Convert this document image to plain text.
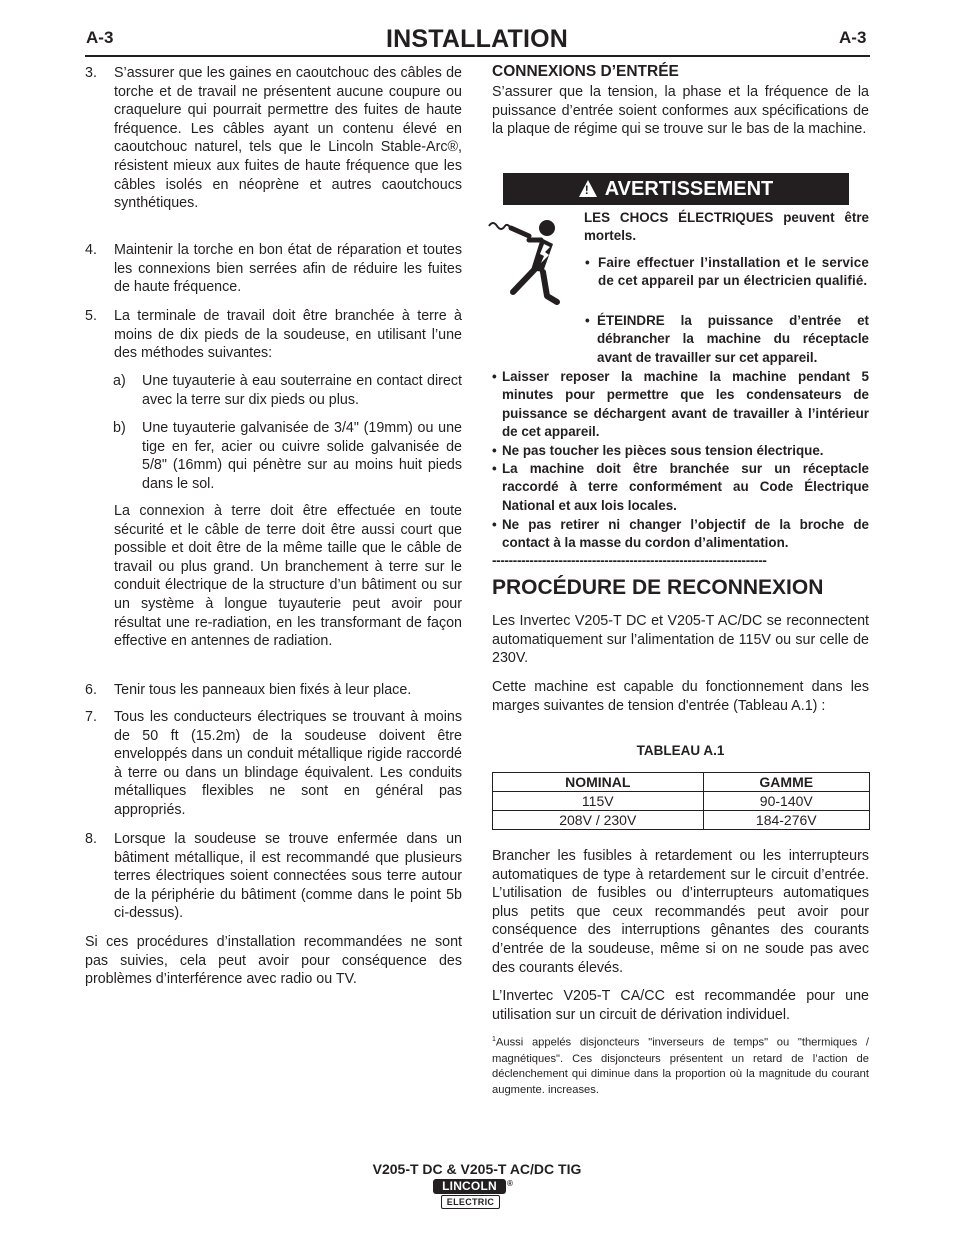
A-3	INSTALLATION	A-3
3.	S’assurer que les gaines en caoutchouc des câbles de torche et de travail ne présentent aucune coupure ou craquelure qui pourrait permettre des fuites de haute fréquence. Les câbles ayant un contenu élevé en caoutchouc naturel, tels que le Lincoln Stable-Arc®, résistent mieux aux fuites de haute fréquence que les câbles isolés en néoprène et autres caoutchoucs synthétiques.

4.	Maintenir la torche en bon état de réparation et toutes les connexions bien serrées afin de réduire les fuites de haute fréquence.

5.	La terminale de travail doit être branchée à terre à moins de dix pieds de la soudeuse, en utilisant l’une des méthodes suivantes:

a)	Une tuyauterie à eau souterraine en contact direct avec la terre sur dix pieds ou plus.

b)	Une tuyauterie galvanisée de 3/4" (19mm) ou une tige en fer, acier ou cuivre solide galvanisée de 5/8" (16mm) qui pénètre sur au moins huit pieds dans le sol.

La connexion à terre doit être effectuée en toute sécurité et le câble de terre doit être aussi court que possible et doit être de la même taille que le câble de travail ou plus grand. Un branchement à terre sur le conduit électrique de la structure d’un bâtiment ou sur un système à longue tuyauterie peut avoir pour résultat une re-radiation, en les transformant de façon effective en antennes de radiation.

6.	Tenir tous les panneaux bien fixés à leur place.

7.	Tous les conducteurs électriques se trouvant à moins de 50 ft (15.2m) de la soudeuse doivent être enveloppés dans un conduit métallique rigide raccordé à terre ou dans un blindage équivalent. Les conduits métalliques flexibles ne sont en général pas appropriés.

8.	Lorsque la soudeuse se trouve enfermée dans un bâtiment métallique, il est recommandé que plusieurs terres électriques soient connectées sous terre autour de la périphérie du bâtiment (comme dans le point 5b ci-dessus).

Si ces procédures d’installation recommandées ne sont pas suivies, cela peut avoir pour conséquence des problèmes d’interférence avec radio ou TV.

CONNEXIONS D’ENTRÉE

S’assurer que la tension, la phase et la fréquence de la puissance d’entrée soient conformes aux spécifications de la plaque de régime qui se trouve sur le bas de la machine.

! AVERTISSEMENT

LES CHOCS ÉLECTRIQUES peuvent être mortels.

• Faire effectuer l’installation et le service de cet appareil par un électricien qualifié.

• ÉTEINDRE la puissance d’entrée et débrancher la machine du réceptacle avant de travailler sur cet appareil.

• Laisser reposer la machine la machine pendant 5 minutes pour permettre que les condensateurs de puissance se déchargent avant de travailler à l’intérieur de cet appareil.

• Ne pas toucher les pièces sous tension électrique.

• La machine doit être branchée sur un réceptacle raccordé à terre conformément au Code Électrique National et aux lois locales.

• Ne pas retirer ni changer l’objectif de la broche de contact à la masse du cordon d’alimentation.

------------------------------------------------------------------
PROCÉDURE DE RECONNEXION

Les Invertec V205-T DC et V205-T AC/DC se reconnectent automatiquement sur l’alimentation de 115V ou sur celle de 230V.

Cette machine est capable du fonctionnement dans les marges suivantes de tension d'entrée (Tableau A.1) :

TABLEAU A.1
NOMINAL	GAMME
115V	90-140V
208V / 230V	184-276V

Brancher les fusibles à retardement ou les interrupteurs automatiques de type à retardement sur le circuit d’entrée. L’utilisation de fusibles ou d’interrupteurs automatiques plus petits que ceux recommandés peut avoir pour conséquence des interruptions gênantes des courants d’entrée de la soudeuse, même si on ne soude pas avec des courants élevés.

L’Invertec V205-T CA/CC est recommandée pour une utilisation sur un circuit de dérivation individuel.

$^1$Aussi appelés disjoncteurs "inverseurs de temps" ou "thermiques / magnétiques". Ces disjoncteurs présentent un retard de l’action de déclenchement qui diminue dans la proportion où la magnitude du courant augmente. increases.
V205-T DC & V205-T AC/DC TIG
LINCOLN	®
ELECTRIC
